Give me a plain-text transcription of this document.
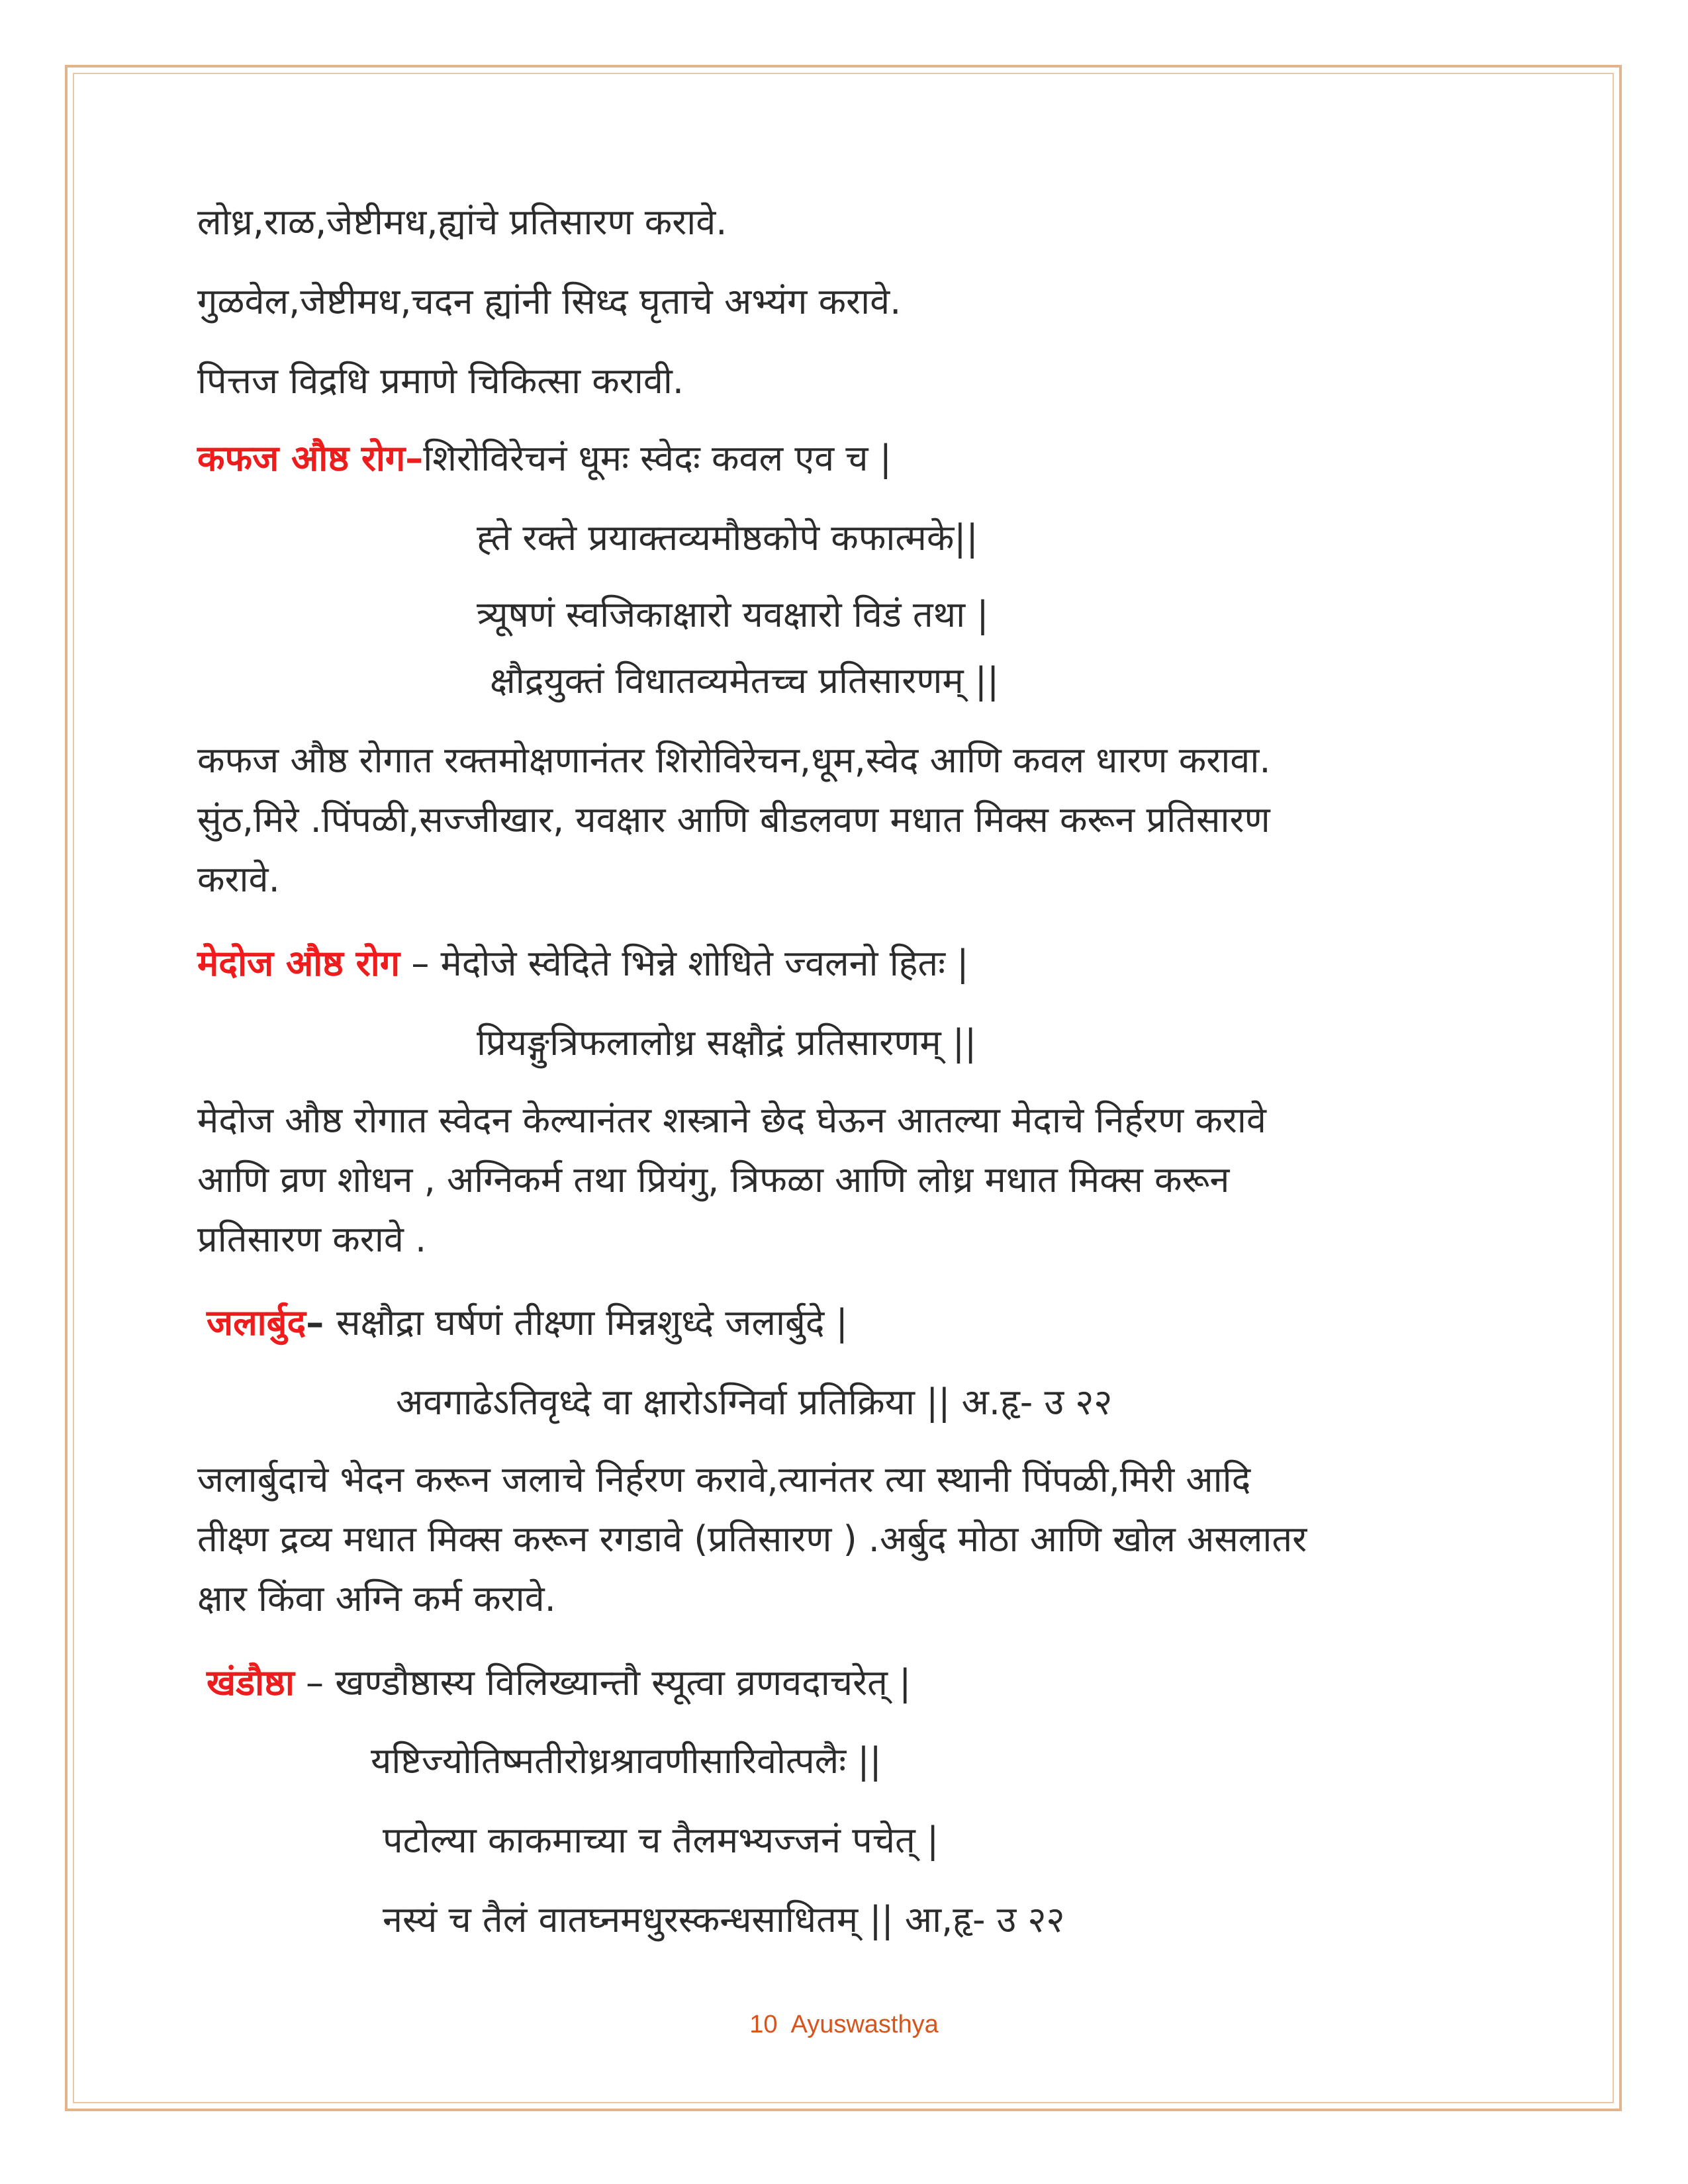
लोध्र,राळ,जेष्टीमध,ह्यांचे प्रतिसारण करावे.
गुळवेल,जेष्टीमध,चदन ह्यांनी सिध्द घृताचे अभ्यंग करावे.
पित्तज विद्रधि प्रमाणे चिकित्सा करावी.
कफज औष्ठ रोग–शिरोविरेचनं धूमः स्वेदः कवल एव च |
ह्ते रक्ते प्रयाक्तव्यमौष्ठकोपे कफात्मके||
त्र्यूषणं स्वजिकाक्षारो यवक्षारो विडं तथा |
क्षौद्रयुक्तं विधातव्यमेतच्च प्रतिसारणम् ||
कफज औष्ठ रोगात रक्तमोक्षणानंतर शिरोविरेचन,धूम,स्वेद आणि कवल धारण करावा.
सुंठ,मिरे .पिंपळी,सज्जीखार, यवक्षार आणि बीडलवण मधात मिक्स करून प्रतिसारण
करावे.
मेदोज औष्ठ रोग – मेदोजे स्वेदिते भिन्ने शोधिते ज्वलनो हितः |
प्रियङ्गुत्रिफलालोध्र सक्षौद्रं प्रतिसारणम् ||
मेदोज औष्ठ रोगात स्वेदन केल्यानंतर शस्त्राने छेद घेऊन आतल्या मेदाचे निर्हरण करावे
आणि व्रण शोधन , अग्निकर्म तथा प्रियंगु, त्रिफळा आणि लोध्र मधात मिक्स करून
प्रतिसारण करावे .
जलार्बुद– सक्षौद्रा घर्षणं तीक्ष्णा मिन्नशुध्दे जलार्बुदे |
अवगाढेऽतिवृध्दे वा क्षारोऽग्निर्वा प्रतिक्रिया || अ.हृ- उ २२
जलार्बुदाचे भेदन करून जलाचे निर्हरण करावे,त्यानंतर त्या स्थानी पिंपळी,मिरी आदि
तीक्ष्ण द्रव्य मधात मिक्स करून रगडावे (प्रतिसारण ) .अर्बुद मोठा आणि खोल असलातर
क्षार किंवा अग्नि कर्म करावे.
खंडौष्ठा – खण्डौष्ठास्य विलिख्यान्तौ स्यूत्वा व्रणवदाचरेत् |
यष्टिज्योतिष्मतीरोध्रश्रावणीसारिवोत्पलैः ||
पटोल्या काकमाच्या च तैलमभ्यज्जनं पचेत् |
नस्यं च तैलं वातघ्नमधुरस्कन्धसाधितम् || आ,हृ- उ २२
10 Ayuswasthya
